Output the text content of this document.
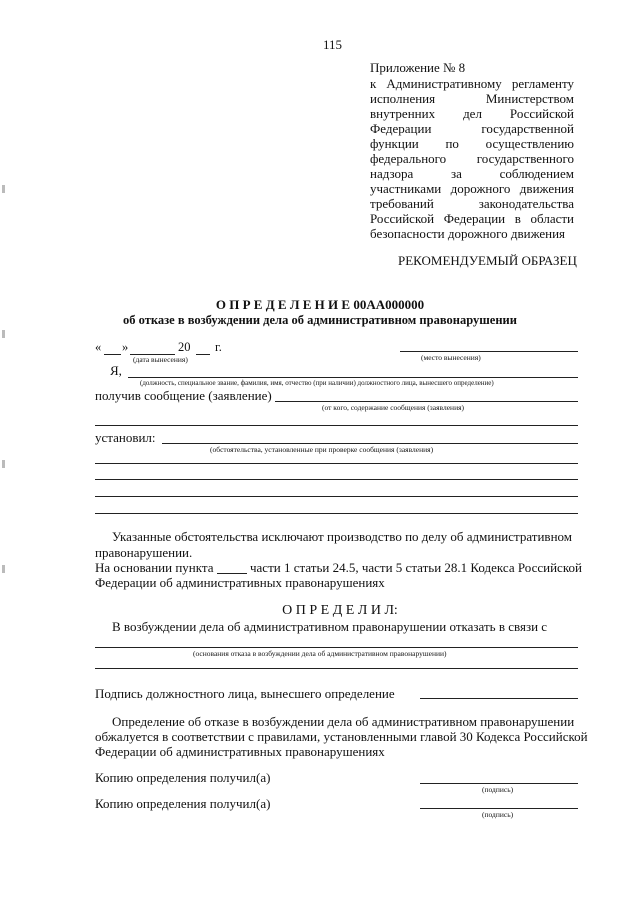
115
Приложение № 8
к Административному регламенту
исполнения Министерством
внутренних дел Российской
Федерации государственной
функции по осуществлению
федерального государственного
надзора за соблюдением
участниками дорожного движения
требований законодательства
Российской Федерации в области
безопасности дорожного движения
РЕКОМЕНДУЕМЫЙ ОБРАЗЕЦ
О П Р Е Д Е Л Е Н И Е 00АА000000
об отказе в возбуждении дела об административном правонарушении
« »	20 г.
(дата вынесения)	(место вынесения)
Я,
(должность, специальное звание, фамилия, имя, отчество (при наличии) должностного лица, вынесшего определение)
получив сообщение (заявление)
(от кого, содержание сообщения (заявления)
установил:
(обстоятельства, установленные при проверке сообщения (заявления)
Указанные обстоятельства исключают производство по делу об административном
правонарушении.
На основании пункта	части 1 статьи 24.5, части 5 статьи 28.1 Кодекса Российской
Федерации об административных правонарушениях
О П Р Е Д Е Л И Л:
В возбуждении дела об административном правонарушении отказать в связи с
(основания отказа в возбуждении дела об административном правонарушении)
Подпись должностного лица, вынесшего определение
Определение об отказе в возбуждении дела об административном правонарушении
обжалуется в соответствии с правилами, установленными главой 30 Кодекса Российской
Федерации об административных правонарушениях
Копию определения получил(а)
(подпись)
Копию определения получил(а)
(подпись)
